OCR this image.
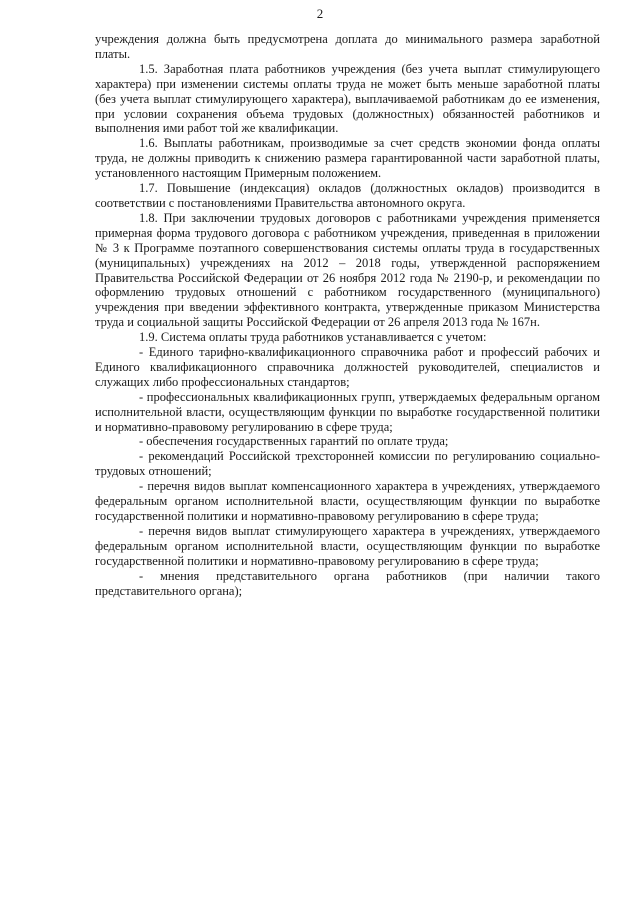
2

учреждения должна быть предусмотрена доплата до минимального размера заработной платы.

1.5. Заработная плата работников учреждения (без учета выплат стимулирующего характера) при изменении системы оплаты труда не может быть меньше заработной платы (без учета выплат стимулирующего характера), выплачиваемой работникам до ее изменения, при условии сохранения объема трудовых (должностных) обязанностей работников и выполнения ими работ той же квалификации.

1.6. Выплаты работникам, производимые за счет средств экономии фонда оплаты труда, не должны приводить к снижению размера гарантированной части заработной платы, установленного настоящим Примерным положением.

1.7. Повышение (индексация) окладов (должностных окладов) производится в соответствии с постановлениями Правительства автономного округа.

1.8. При заключении трудовых договоров с работниками учреждения применяется примерная форма трудового договора с работником учреждения, приведенная в приложении № 3 к Программе поэтапного совершенствования системы оплаты труда в государственных (муниципальных) учреждениях на 2012 – 2018 годы, утвержденной распоряжением Правительства Российской Федерации от 26 ноября 2012 года № 2190-р, и рекомендации по оформлению трудовых отношений с работником государственного (муниципального) учреждения при введении эффективного контракта, утвержденные приказом Министерства труда и социальной защиты Российской Федерации от 26 апреля 2013 года № 167н.

1.9. Система оплаты труда работников устанавливается с учетом:

- Единого тарифно-квалификационного справочника работ и профессий рабочих и Единого квалификационного справочника должностей руководителей, специалистов и служащих либо профессиональных стандартов;

- профессиональных квалификационных групп, утверждаемых федеральным органом исполнительной власти, осуществляющим функции по выработке государственной политики и нормативно-правовому регулированию в сфере труда;

- обеспечения государственных гарантий по оплате труда;

- рекомендаций Российской трехсторонней комиссии по регулированию социально-трудовых отношений;

- перечня видов выплат компенсационного характера в учреждениях, утверждаемого федеральным органом исполнительной власти, осуществляющим функции по выработке государственной политики и нормативно-правовому регулированию в сфере труда;

- перечня видов выплат стимулирующего характера в учреждениях, утверждаемого федеральным органом исполнительной власти, осуществляющим функции по выработке государственной политики и нормативно-правовому регулированию в сфере труда;

- мнения представительного органа работников (при наличии такого представительного органа);
